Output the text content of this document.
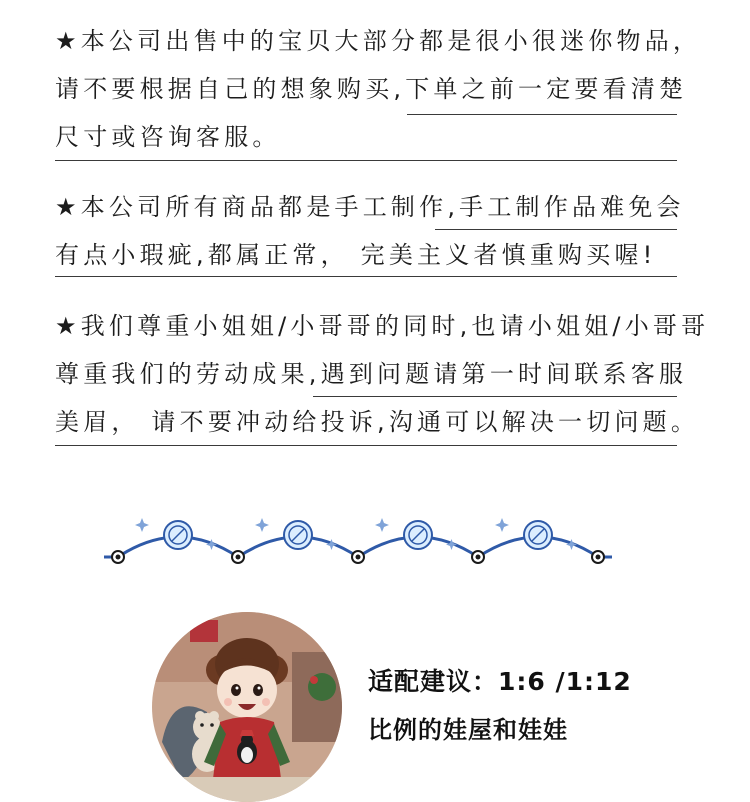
★本公司出售中的宝贝大部分都是很小很迷你物品，
请不要根据自己的想象购买,下单之前一定要看清楚
尺寸或咨询客服。
★本公司所有商品都是手工制作,手工制作品难免会
有点小瑕疵,都属正常， 完美主义者慎重购买喔!
★我们尊重小姐姐/小哥哥的同时,也请小姐姐/小哥哥
尊重我们的劳动成果,遇到问题请第一时间联系客服
美眉， 请不要冲动给投诉,沟通可以解决一切问题。
适配建议：1:6 /1:12
比例的娃屋和娃娃
